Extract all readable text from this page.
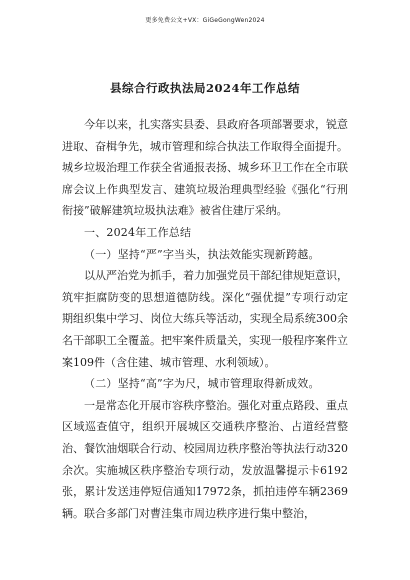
更多免费公文+VX：GiGeGongWen2024
县综合行政执法局2024年工作总结

今年以来，扎实落实县委、县政府各项部署要求，锐意进取、奋楫争先，城市管理和综合执法工作取得全面提升。城乡垃圾治理工作获全省通报表扬、城乡环卫工作在全市联席会议上作典型发言、建筑垃圾治理典型经验《强化“行刑衔接”破解建筑垃圾执法难》被省住建厅采纳。

一、2024年工作总结

（一）坚持“严”字当头，执法效能实现新跨越。

以从严治党为抓手，着力加强党员干部纪律规矩意识，筑牢拒腐防变的思想道德防线。深化“强优提”专项行动定期组织集中学习、岗位大练兵等活动，实现全局系统300余名干部职工全覆盖。把牢案件质量关，实现一般程序案件立案109件（含住建、城市管理、水利领域）。

（二）坚持“高”字为尺，城市管理取得新成效。

一是常态化开展市容秩序整治。强化对重点路段、重点区域巡查值守，组织开展城区交通秩序整治、占道经营整治、餐饮油烟联合行动、校园周边秩序整治等执法行动320余次。实施城区秩序整治专项行动，发放温馨提示卡6192张，累计发送违停短信通知17972条，抓拍违停车辆2369辆。联合多部门对曹洼集市周边秩序进行集中整治，
